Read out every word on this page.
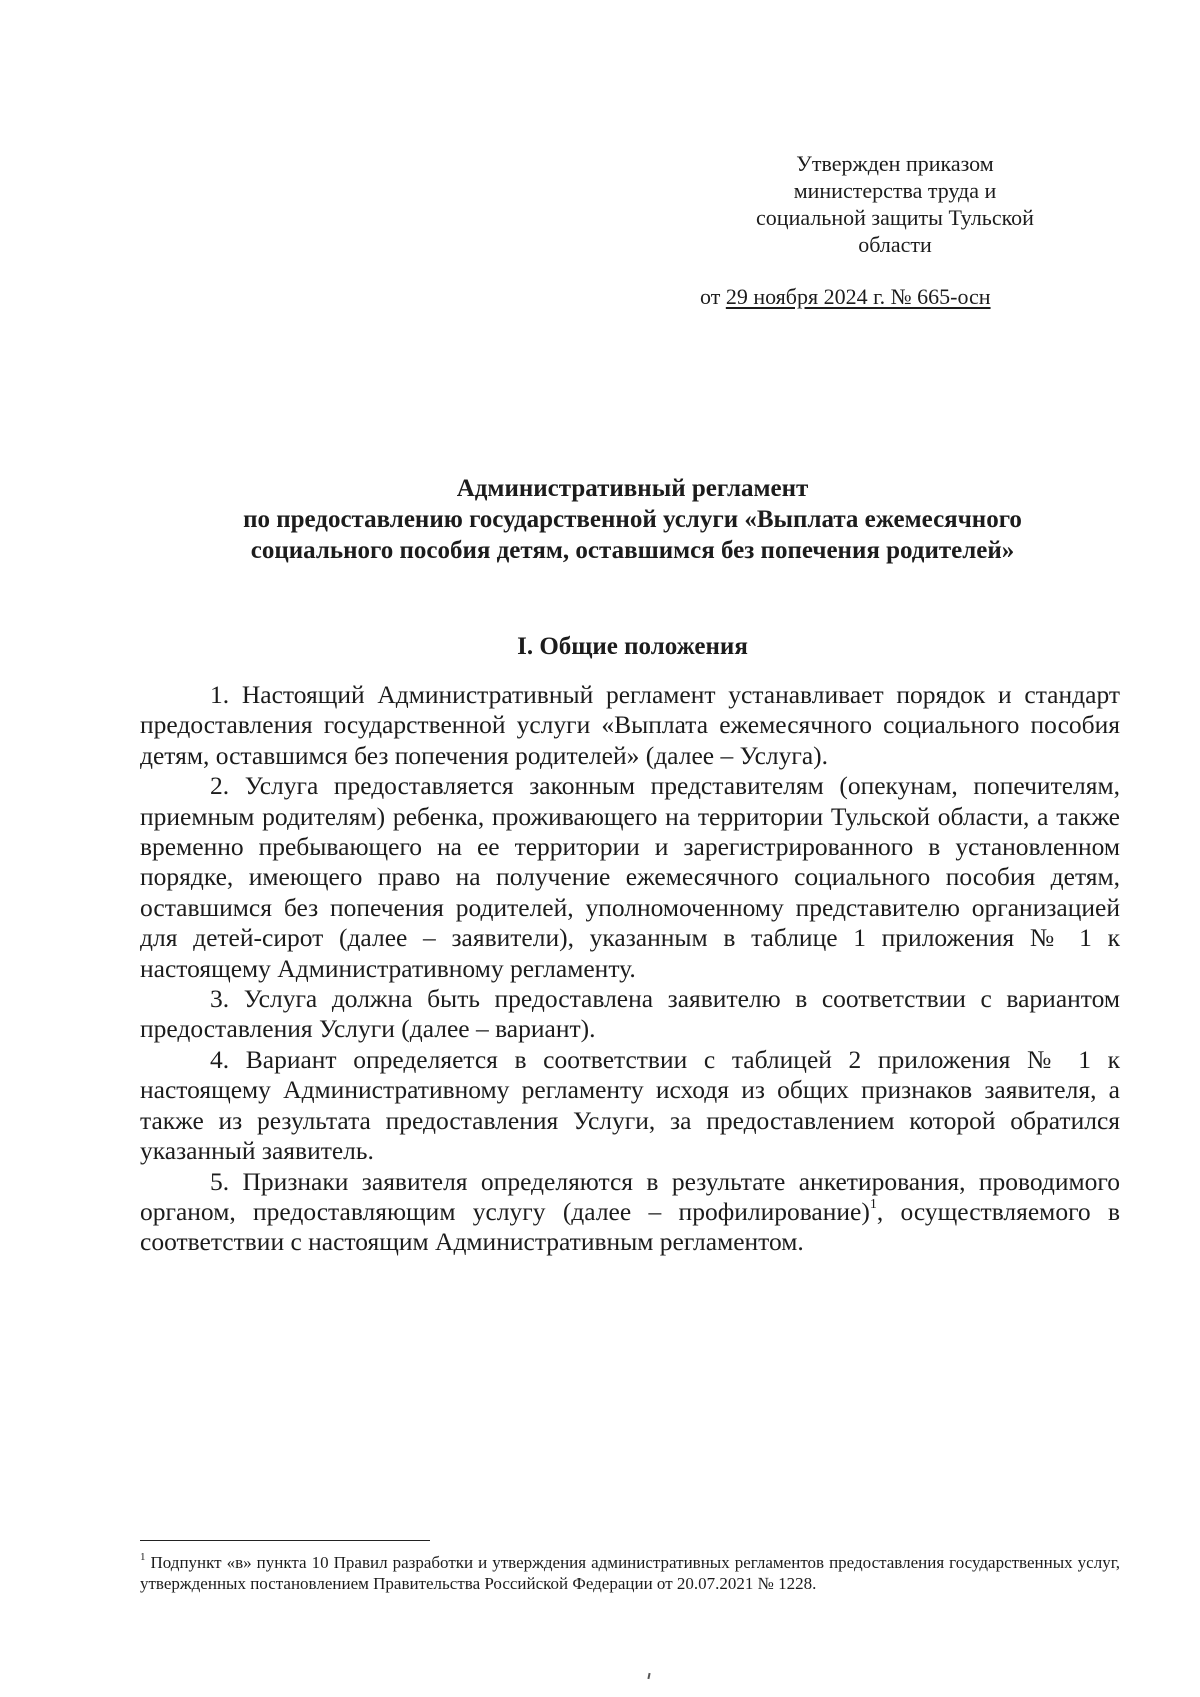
Утвержден приказом
министерства труда и
социальной защиты Тульской
области
от 29 ноября 2024 г. № 665-осн
Административный регламент
по предоставлению государственной услуги «Выплата ежемесячного
социального пособия детям, оставшимся без попечения родителей»
I. Общие положения

1. Настоящий Административный регламент устанавливает порядок и стандарт предоставления государственной услуги «Выплата ежемесячного социального пособия детям, оставшимся без попечения родителей» (далее – Услуга).

2. Услуга предоставляется законным представителям (опекунам, попечителям, приемным родителям) ребенка, проживающего на территории Тульской области, а также временно пребывающего на ее территории и зарегистрированного в установленном порядке, имеющего право на получение ежемесячного социального пособия детям, оставшимся без попечения родителей, уполномоченному представителю организацией для детей-сирот (далее – заявители), указанным в таблице 1 приложения № 1 к настоящему Административному регламенту.

3. Услуга должна быть предоставлена заявителю в соответствии с вариантом предоставления Услуги (далее – вариант).

4. Вариант определяется в соответствии с таблицей 2 приложения № 1 к настоящему Административному регламенту исходя из общих признаков заявителя, а также из результата предоставления Услуги, за предоставлением которой обратился указанный заявитель.

5. Признаки заявителя определяются в результате анкетирования, проводимого органом, предоставляющим услугу (далее – профилирование)$^1$, осуществляемого в соответствии с настоящим Административным регламентом.

$^1$ Подпункт «в» пункта 10 Правил разработки и утверждения административных регламентов предоставления государственных услуг, утвержденных постановлением Правительства Российской Федерации от 20.07.2021 № 1228.
